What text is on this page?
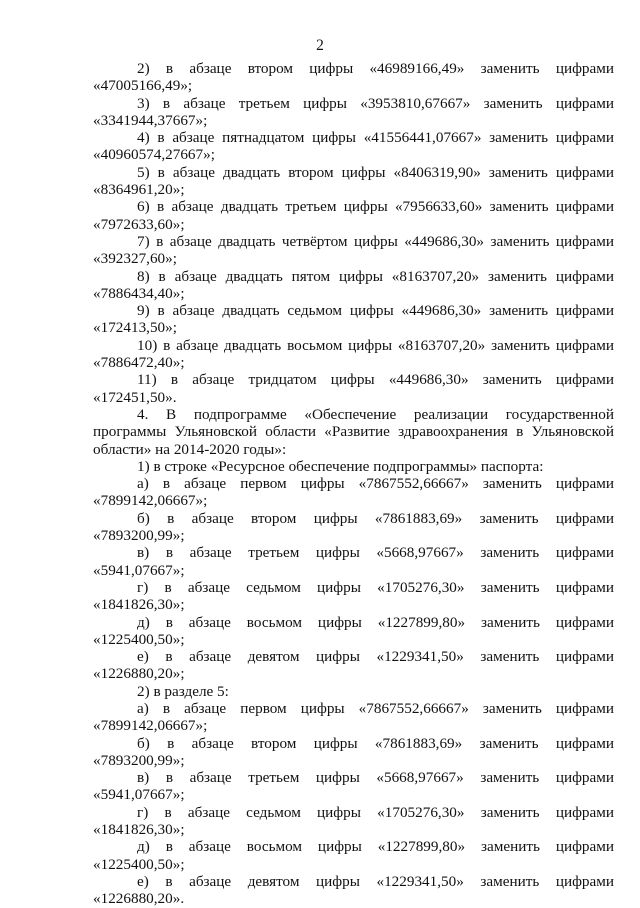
2

2) в абзаце втором цифры «46989166,49» заменить цифрами «47005166,49»;

3) в абзаце третьем цифры «3953810,67667» заменить цифрами «3341944,37667»;

4) в абзаце пятнадцатом цифры «41556441,07667» заменить цифрами «40960574,27667»;

5) в абзаце двадцать втором цифры «8406319,90» заменить цифрами «8364961,20»;

6) в абзаце двадцать третьем цифры «7956633,60» заменить цифрами «7972633,60»;

7) в абзаце двадцать четвёртом цифры «449686,30» заменить цифрами «392327,60»;

8) в абзаце двадцать пятом цифры «8163707,20» заменить цифрами «7886434,40»;

9) в абзаце двадцать седьмом цифры «449686,30» заменить цифрами «172413,50»;

10) в абзаце двадцать восьмом цифры «8163707,20» заменить цифрами «7886472,40»;

11) в абзаце тридцатом цифры «449686,30» заменить цифрами «172451,50».

4. В подпрограмме «Обеспечение реализации государственной программы Ульяновской области «Развитие здравоохранения в Ульяновской области» на 2014-2020 годы»:

1) в строке «Ресурсное обеспечение подпрограммы» паспорта:

а) в абзаце первом цифры «7867552,66667» заменить цифрами «7899142,06667»;

б) в абзаце втором цифры «7861883,69» заменить цифрами «7893200,99»;

в) в абзаце третьем цифры «5668,97667» заменить цифрами «5941,07667»;

г) в абзаце седьмом цифры «1705276,30» заменить цифрами «1841826,30»;

д) в абзаце восьмом цифры «1227899,80» заменить цифрами «1225400,50»;

е) в абзаце девятом цифры «1229341,50» заменить цифрами «1226880,20»;

2) в разделе 5:

а) в абзаце первом цифры «7867552,66667» заменить цифрами «7899142,06667»;

б) в абзаце втором цифры «7861883,69» заменить цифрами «7893200,99»;

в) в абзаце третьем цифры «5668,97667» заменить цифрами «5941,07667»;

г) в абзаце седьмом цифры «1705276,30» заменить цифрами «1841826,30»;

д) в абзаце восьмом цифры «1227899,80» заменить цифрами «1225400,50»;

е) в абзаце девятом цифры «1229341,50» заменить цифрами «1226880,20».
